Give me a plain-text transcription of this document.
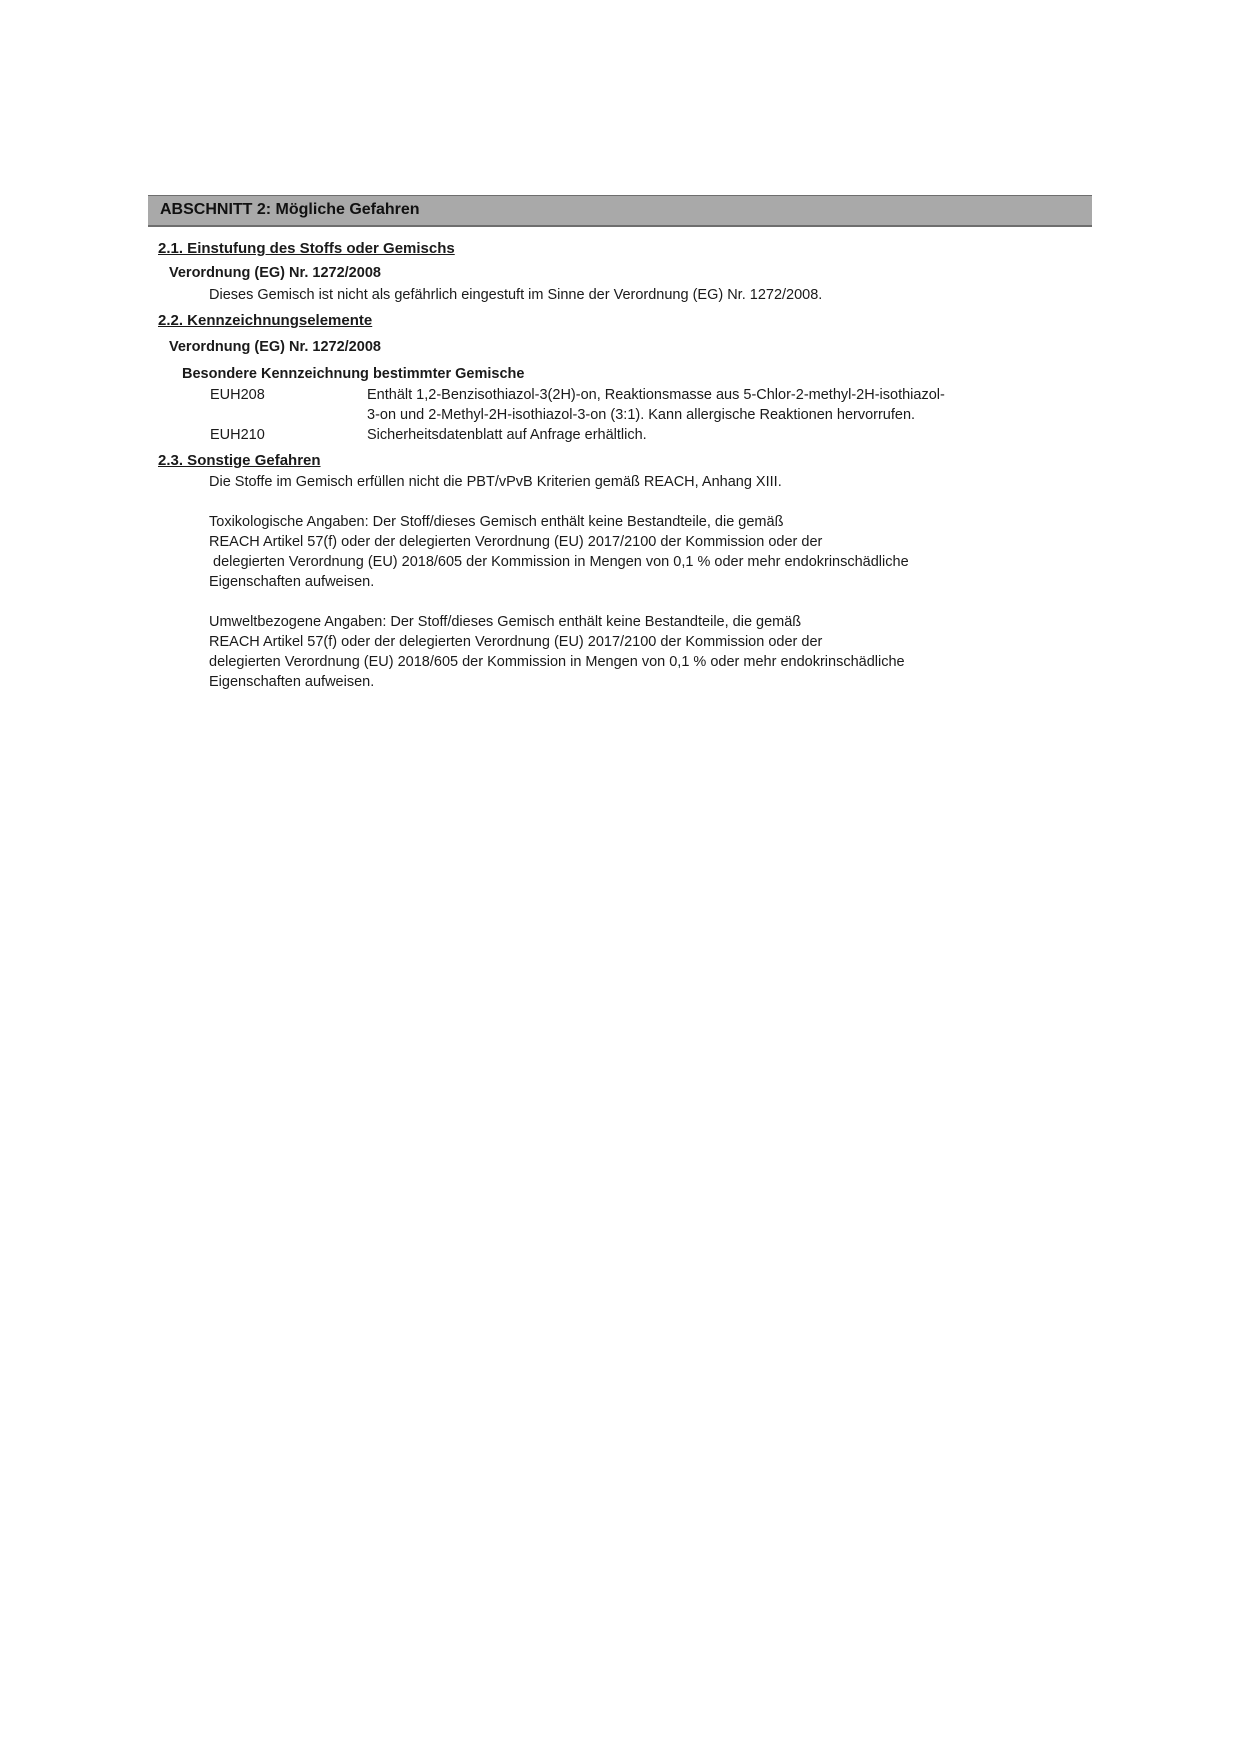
ABSCHNITT 2: Mögliche Gefahren
2.1. Einstufung des Stoffs oder Gemischs
Verordnung (EG) Nr. 1272/2008
Dieses Gemisch ist nicht als gefährlich eingestuft im Sinne der Verordnung (EG) Nr. 1272/2008.
2.2. Kennzeichnungselemente
Verordnung (EG) Nr. 1272/2008
Besondere Kennzeichnung bestimmter Gemische
EUH208	Enthält 1,2-Benzisothiazol-3(2H)-on, Reaktionsmasse aus 5-Chlor-2-methyl-2H-isothiazol-
3-on und 2-Methyl-2H-isothiazol-3-on (3:1). Kann allergische Reaktionen hervorrufen.
EUH210	Sicherheitsdatenblatt auf Anfrage erhältlich.
2.3. Sonstige Gefahren
Die Stoffe im Gemisch erfüllen nicht die PBT/vPvB Kriterien gemäß REACH, Anhang XIII.
Toxikologische Angaben: Der Stoff/dieses Gemisch enthält keine Bestandteile, die gemäß
REACH Artikel 57(f) oder der delegierten Verordnung (EU) 2017/2100 der Kommission oder der
delegierten Verordnung (EU) 2018/605 der Kommission in Mengen von 0,1 % oder mehr endokrinschädliche
Eigenschaften aufweisen.
Umweltbezogene Angaben: Der Stoff/dieses Gemisch enthält keine Bestandteile, die gemäß
REACH Artikel 57(f) oder der delegierten Verordnung (EU) 2017/2100 der Kommission oder der
delegierten Verordnung (EU) 2018/605 der Kommission in Mengen von 0,1 % oder mehr endokrinschädliche
Eigenschaften aufweisen.
